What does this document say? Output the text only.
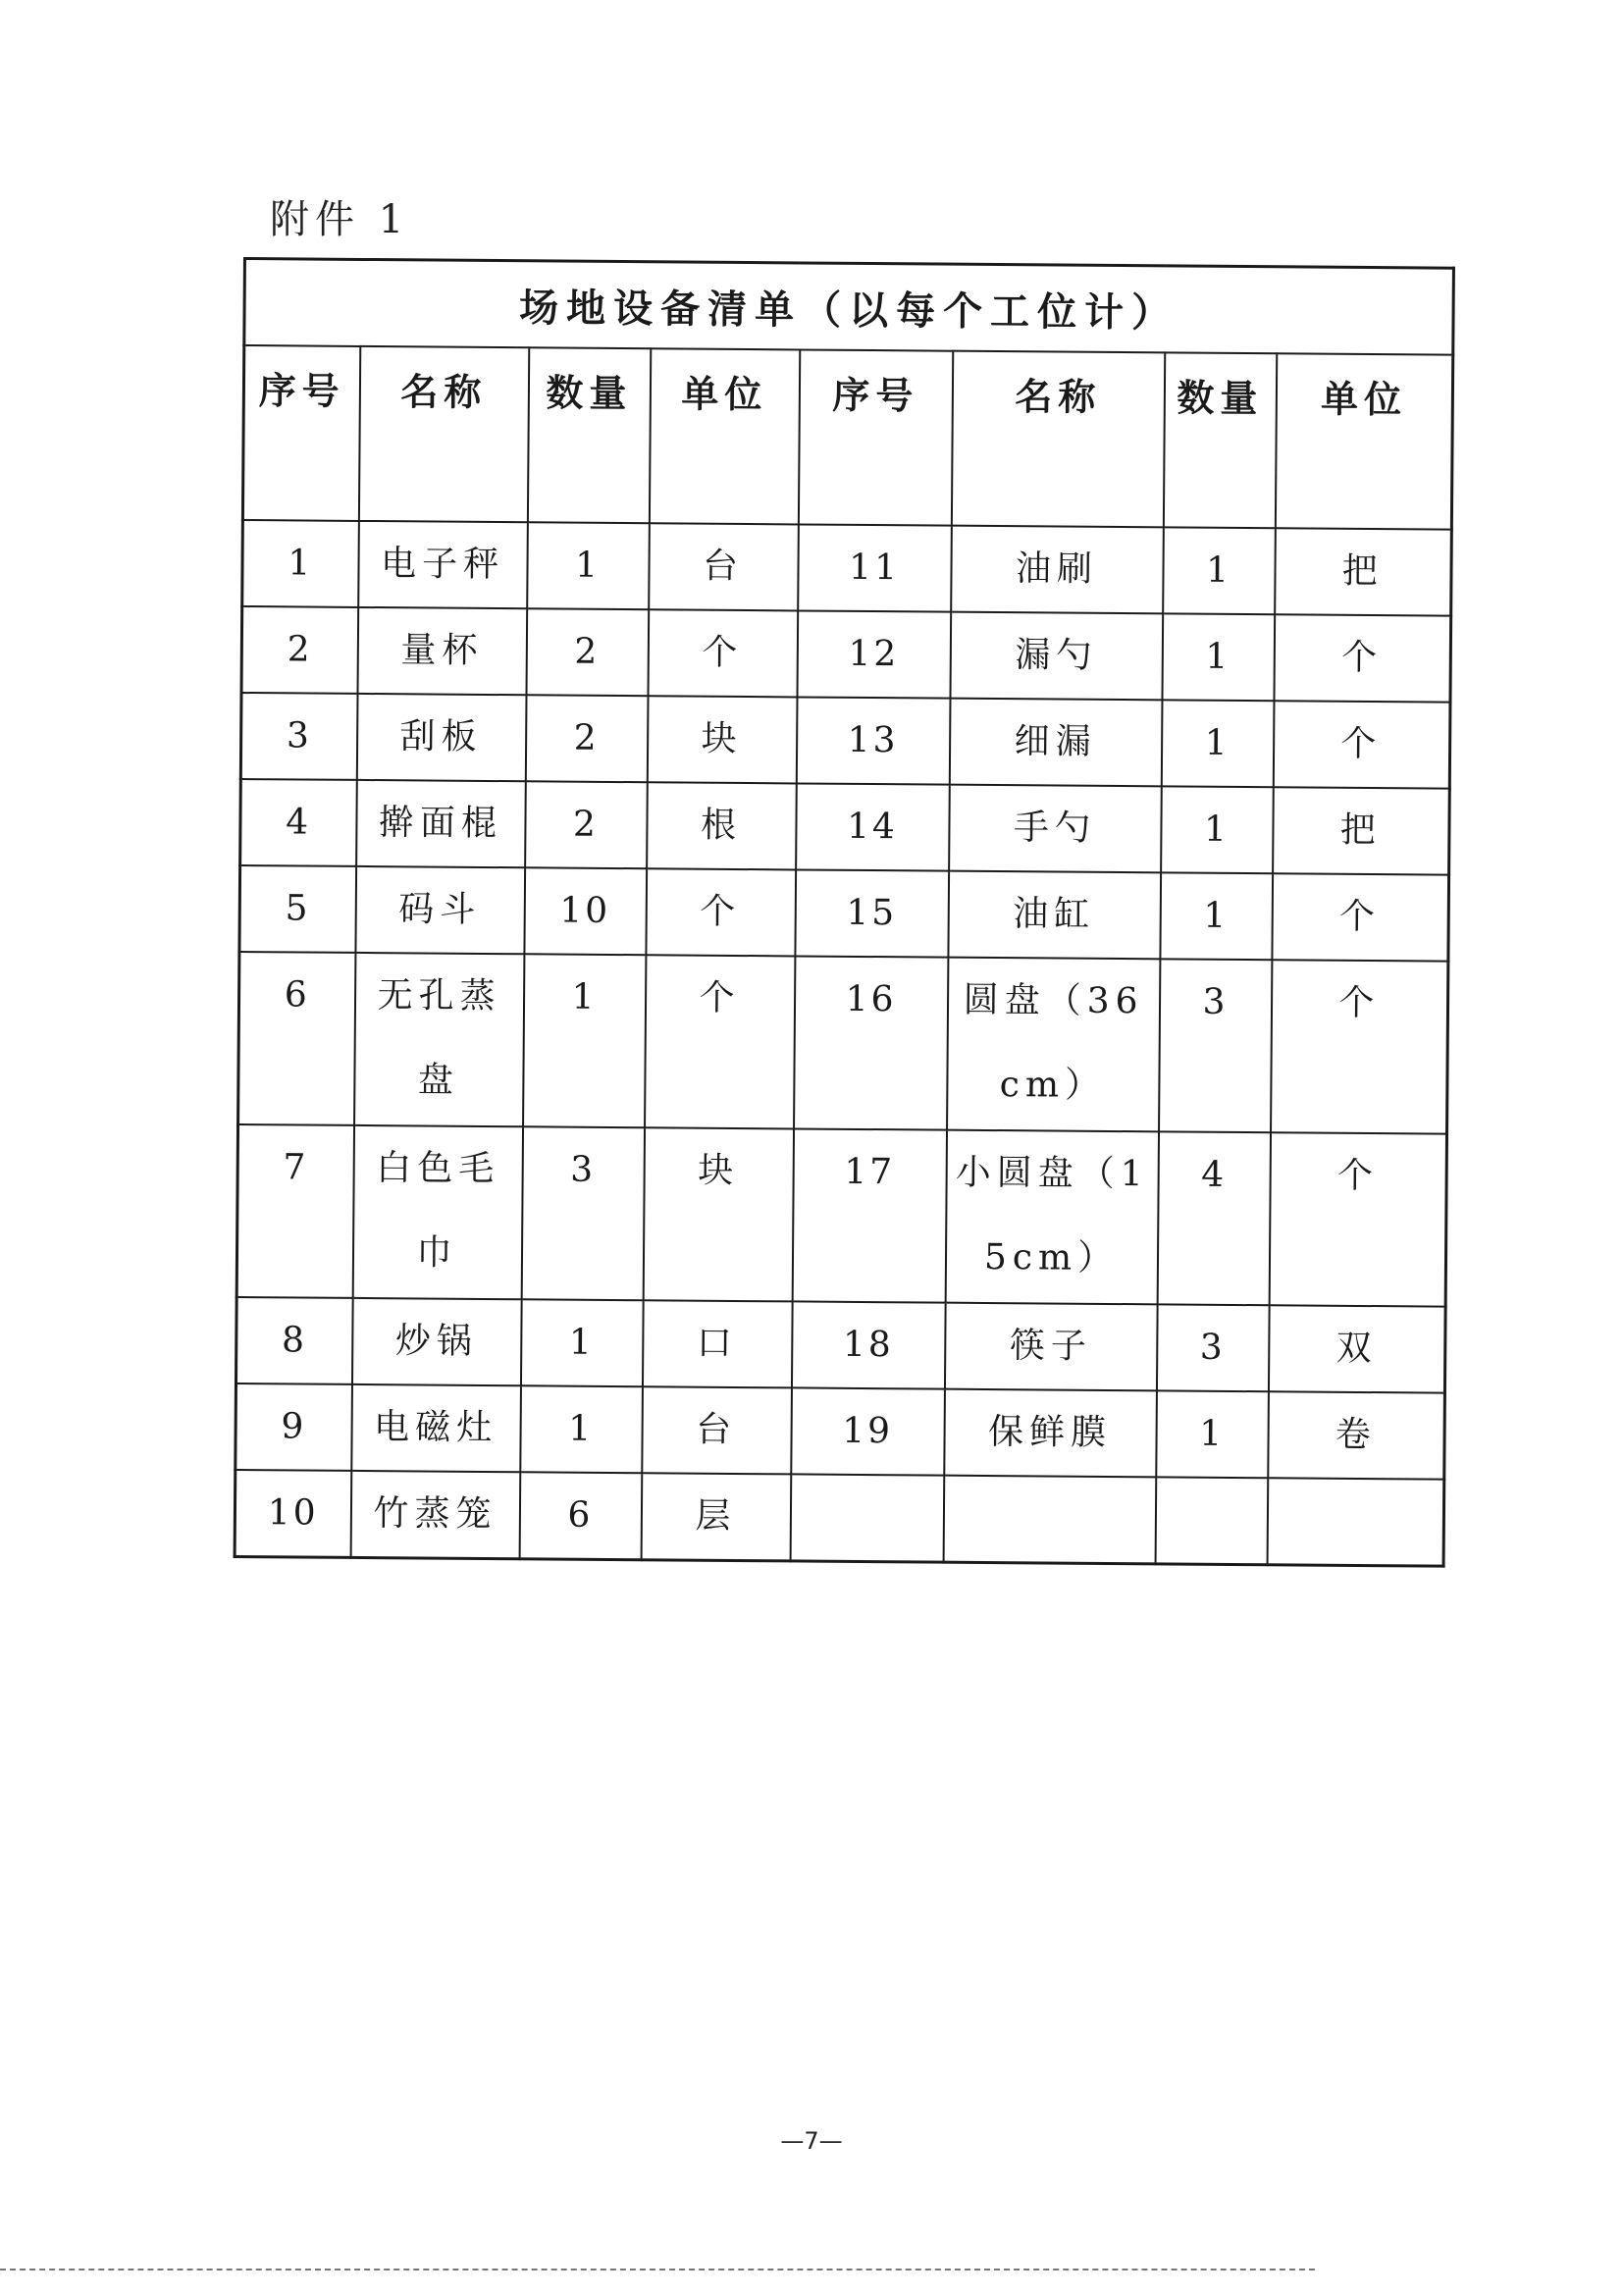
附件 1
场地设备清单（以每个工位计）							
序号	名称	数量	单位	序号	名称	数量	单位
1	电子秤	1	台	11	油刷	1	把
2	量杯	2	个	12	漏勺	1	个
3	刮板	2	块	13	细漏	1	个
4	擀面棍	2	根	14	手勺	1	把
5	码斗	10	个	15	油缸	1	个
6	无孔蒸盘	1	个	16	圆盘（36cm）	3	个
7	白色毛巾	3	块	17	小圆盘（15cm）	4	个
8	炒锅	1	口	18	筷子	3	双
9	电磁灶	1	台	19	保鲜膜	1	卷
10	竹蒸笼	6	层				
—7—
